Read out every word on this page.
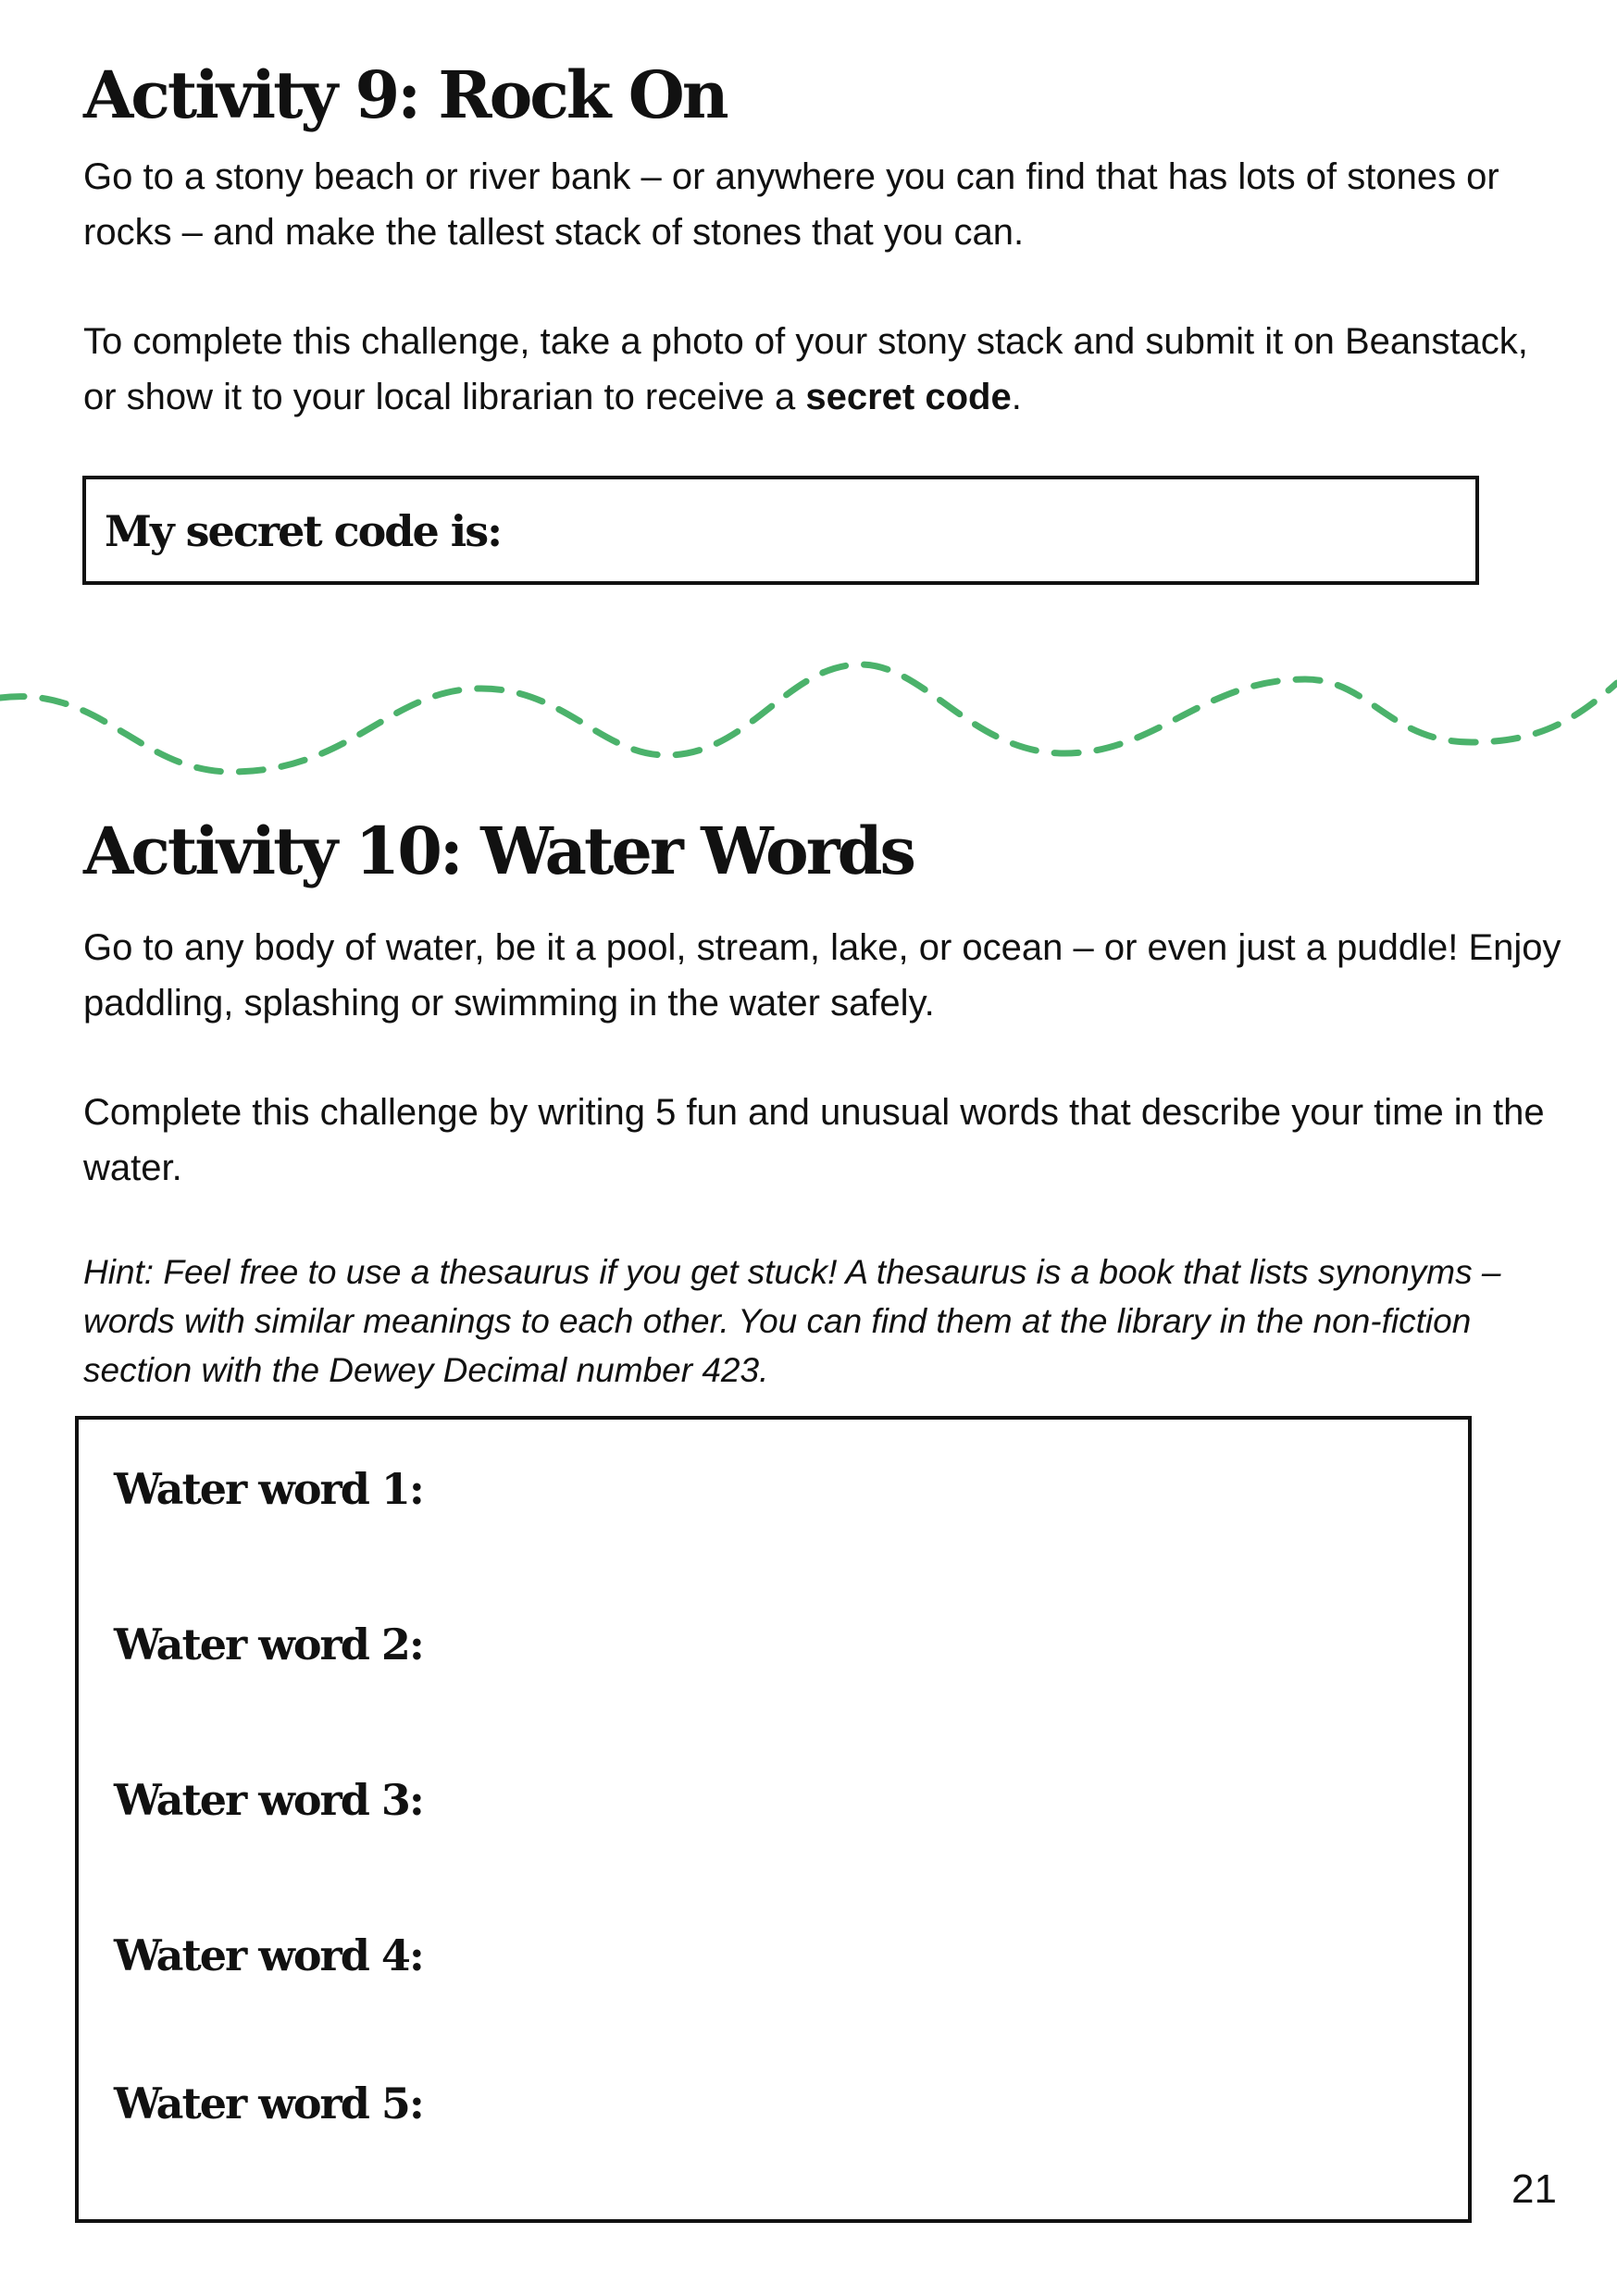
Activity 9: Rock On

Go to a stony beach or river bank – or anywhere you can find that has lots of stones or rocks – and make the tallest stack of stones that you can.

To complete this challenge, take a photo of your stony stack and submit it on Beanstack, or show it to your local librarian to receive a secret code.

My secret code is:
Activity 10: Water Words

Go to any body of water, be it a pool, stream, lake, or ocean – or even just a puddle! Enjoy paddling, splashing or swimming in the water safely.

Complete this challenge by writing 5 fun and unusual words that describe your time in the water.

Hint: Feel free to use a thesaurus if you get stuck! A thesaurus is a book that lists synonyms – words with similar meanings to each other. You can find them at the library in the non-fiction section with the Dewey Decimal number 423.

Water word 1:
Water word 2:
Water word 3:
Water word 4:
Water word 5:

21
